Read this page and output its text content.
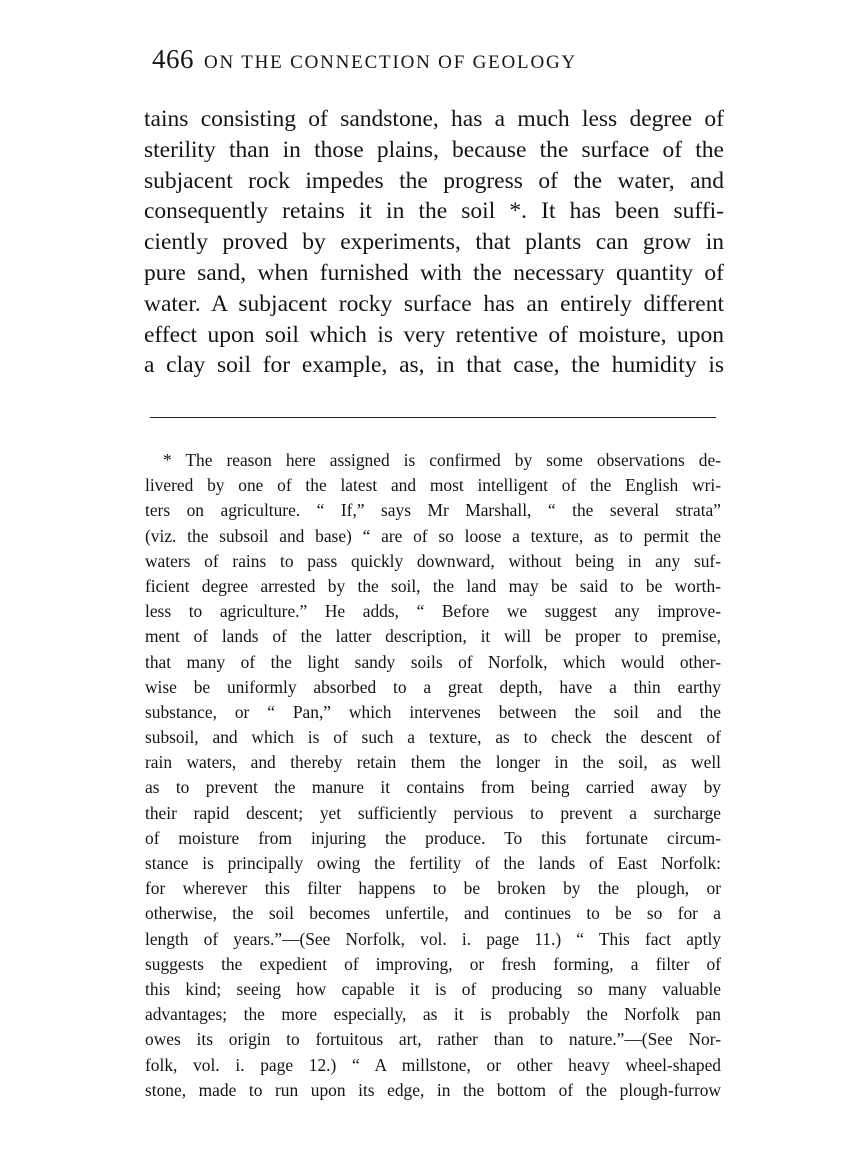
466 ON THE CONNECTION OF GEOLOGY
tains consisting of sandstone, has a much less degree of
sterility than in those plains, because the surface of the
subjacent rock impedes the progress of the water, and
consequently retains it in the soil *. It has been suffi-
ciently proved by experiments, that plants can grow in
pure sand, when furnished with the necessary quantity of
water. A subjacent rocky surface has an entirely different
effect upon soil which is very retentive of moisture, upon
a clay soil for example, as, in that case, the humidity is
* The reason here assigned is confirmed by some observations de-
livered by one of the latest and most intelligent of the English wri-
ters on agriculture. “ If,” says Mr Marshall, “ the several strata”
(viz. the subsoil and base) “ are of so loose a texture, as to permit the
waters of rains to pass quickly downward, without being in any suf-
ficient degree arrested by the soil, the land may be said to be worth-
less to agriculture.” He adds, “ Before we suggest any improve-
ment of lands of the latter description, it will be proper to premise,
that many of the light sandy soils of Norfolk, which would other-
wise be uniformly absorbed to a great depth, have a thin earthy
substance, or “ Pan,” which intervenes between the soil and the
subsoil, and which is of such a texture, as to check the descent of
rain waters, and thereby retain them the longer in the soil, as well
as to prevent the manure it contains from being carried away by
their rapid descent; yet sufficiently pervious to prevent a surcharge
of moisture from injuring the produce. To this fortunate circum-
stance is principally owing the fertility of the lands of East Norfolk:
for wherever this filter happens to be broken by the plough, or
otherwise, the soil becomes unfertile, and continues to be so for a
length of years.”—(See Norfolk, vol. i. page 11.) “ This fact aptly
suggests the expedient of improving, or fresh forming, a filter of
this kind; seeing how capable it is of producing so many valuable
advantages; the more especially, as it is probably the Norfolk pan
owes its origin to fortuitous art, rather than to nature.”—(See Nor-
folk, vol. i. page 12.) “ A millstone, or other heavy wheel-shaped
stone, made to run upon its edge, in the bottom of the plough-furrow
